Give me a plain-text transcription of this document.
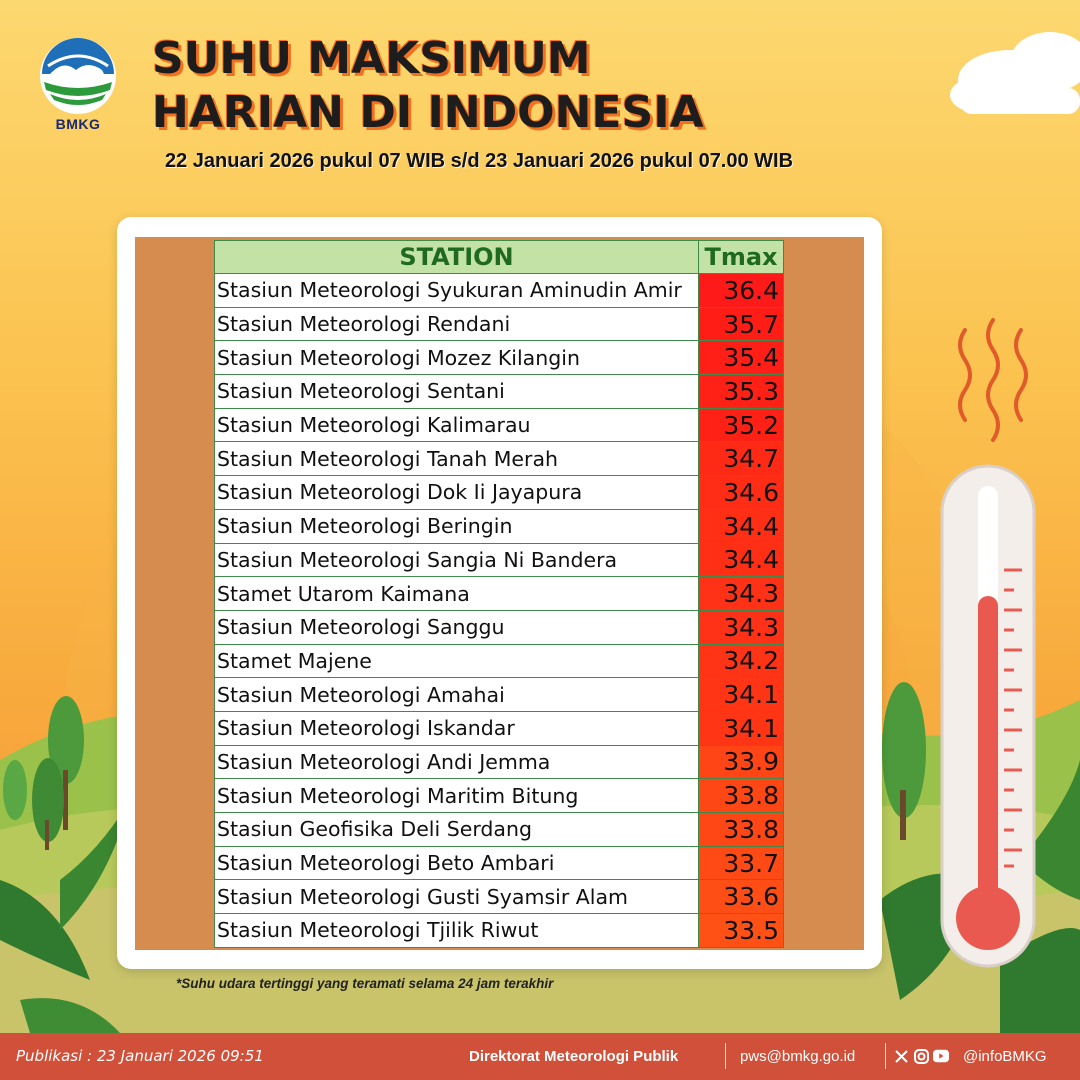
BMKG
SUHU MAKSIMUM
HARIAN DI INDONESIA
22 Januari 2026 pukul 07 WIB s/d 23 Januari 2026 pukul 07.00 WIB
STATION	Tmax
Stasiun Meteorologi Syukuran Aminudin Amir	36.4
Stasiun Meteorologi Rendani	35.7
Stasiun Meteorologi Mozez Kilangin	35.4
Stasiun Meteorologi Sentani	35.3
Stasiun Meteorologi Kalimarau	35.2
Stasiun Meteorologi Tanah Merah	34.7
Stasiun Meteorologi Dok Ii Jayapura	34.6
Stasiun Meteorologi Beringin	34.4
Stasiun Meteorologi Sangia Ni Bandera	34.4
Stamet Utarom Kaimana	34.3
Stasiun Meteorologi Sanggu	34.3
Stamet Majene	34.2
Stasiun Meteorologi Amahai	34.1
Stasiun Meteorologi Iskandar	34.1
Stasiun Meteorologi Andi Jemma	33.9
Stasiun Meteorologi Maritim Bitung	33.8
Stasiun Geofisika Deli Serdang	33.8
Stasiun Meteorologi Beto Ambari	33.7
Stasiun Meteorologi Gusti Syamsir Alam	33.6
Stasiun Meteorologi Tjilik Riwut	33.5
*Suhu udara tertinggi yang teramati selama 24 jam terakhir
Publikasi : 23 Januari 2026 09:51	Direktorat Meteorologi Publik	pws@bmkg.go.id	@infoBMKG
